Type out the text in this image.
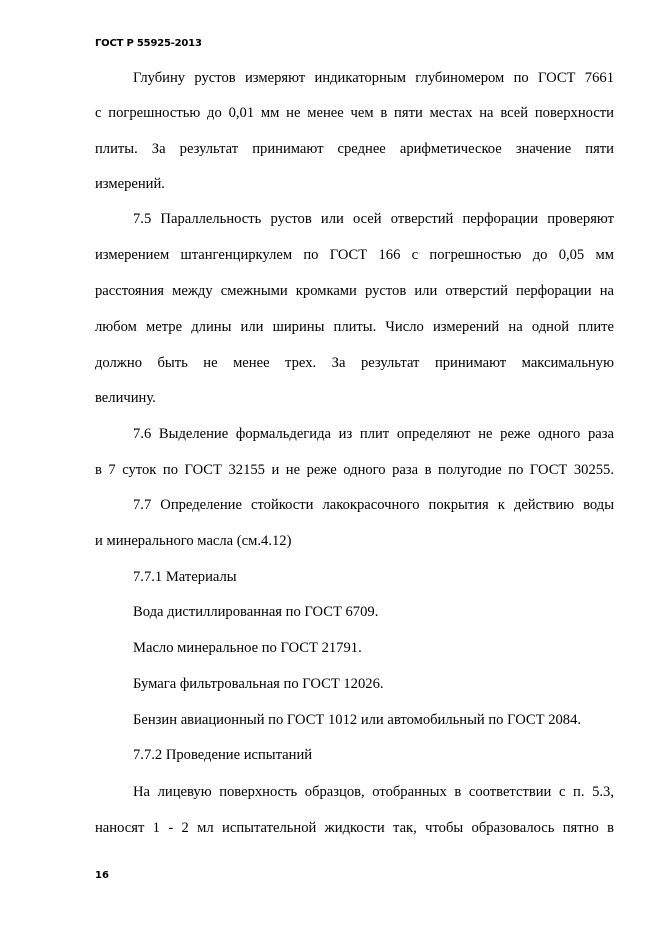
ГОСТ Р 55925-2013
Глубину рустов измеряют индикаторным глубиномером по ГОСТ 7661
с погрешностью до 0,01 мм не менее чем в пяти местах на всей поверхности
плиты. За результат принимают среднее арифметическое значение пяти
измерений.
7.5 Параллельность рустов или осей отверстий перфорации проверяют
измерением штангенциркулем по ГОСТ 166 с погрешностью до 0,05 мм
расстояния между смежными кромками рустов или отверстий перфорации на
любом метре длины или ширины плиты. Число измерений на одной плите
должно быть не менее трех. За результат принимают максимальную
величину.
7.6 Выделение формальдегида из плит определяют не реже одного раза
в 7 суток по ГОСТ 32155 и не реже одного раза в полугодие по ГОСТ 30255.
7.7 Определение стойкости лакокрасочного покрытия к действию воды
и минерального масла (см.4.12)
7.7.1 Материалы
Вода дистиллированная по ГОСТ 6709.
Масло минеральное по ГОСТ 21791.
Бумага фильтровальная по ГОСТ 12026.
Бензин авиационный по ГОСТ 1012 или автомобильный по ГОСТ 2084.
7.7.2 Проведение испытаний
На лицевую поверхность образцов, отобранных в соответствии с п. 5.3,
наносят 1 - 2 мл испытательной жидкости так, чтобы образовалось пятно в
16
